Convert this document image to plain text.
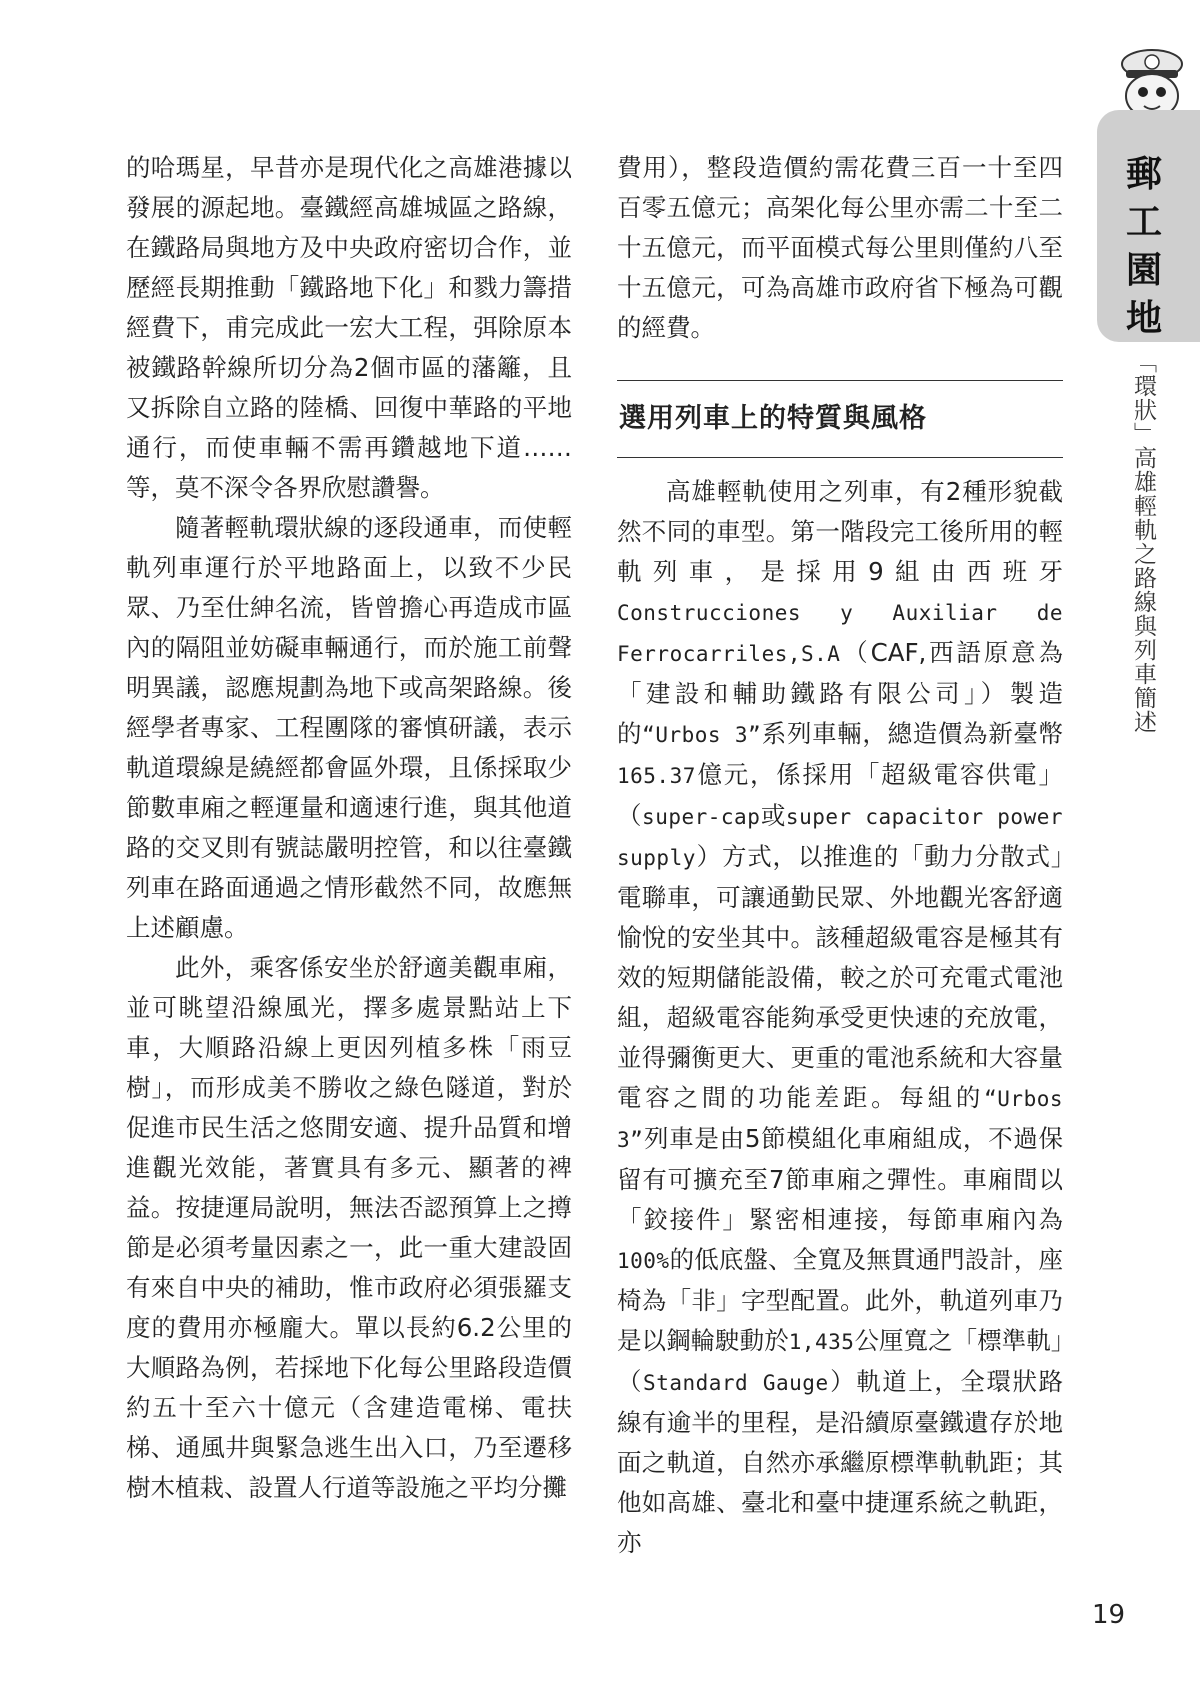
郵工園地
「環狀」高雄輕軌之路線與列車簡述

的哈瑪星，早昔亦是現代化之高雄港據以發展的源起地。臺鐵經高雄城區之路線，在鐵路局與地方及中央政府密切合作，並歷經長期推動「鐵路地下化」和戮力籌措經費下，甫完成此一宏大工程，弭除原本被鐵路幹線所切分為2個市區的藩籬，且又拆除自立路的陸橋、回復中華路的平地通行，而使車輛不需再鑽越地下道……等，莫不深令各界欣慰讚譽。

隨著輕軌環狀線的逐段通車，而使輕軌列車運行於平地路面上，以致不少民眾、乃至仕紳名流，皆曾擔心再造成市區內的隔阻並妨礙車輛通行，而於施工前聲明異議，認應規劃為地下或高架路線。後經學者專家、工程團隊的審慎研議，表示軌道環線是繞經都會區外環，且係採取少節數車廂之輕運量和適速行進，與其他道路的交叉則有號誌嚴明控管，和以往臺鐵列車在路面通過之情形截然不同，故應無上述顧慮。

此外，乘客係安坐於舒適美觀車廂，並可眺望沿線風光，擇多處景點站上下車，大順路沿線上更因列植多株「雨豆樹」，而形成美不勝收之綠色隧道，對於促進市民生活之悠閒安適、提升品質和增進觀光效能，著實具有多元、顯著的裨益。按捷運局說明，無法否認預算上之撙節是必須考量因素之一，此一重大建設固有來自中央的補助，惟市政府必須張羅支度的費用亦極龐大。單以長約6.2公里的大順路為例，若採地下化每公里路段造價約五十至六十億元（含建造電梯、電扶梯、通風井與緊急逃生出入口，乃至遷移樹木植栽、設置人行道等設施之平均分攤

費用），整段造價約需花費三百一十至四百零五億元；高架化每公里亦需二十至二十五億元，而平面模式每公里則僅約八至十五億元，可為高雄市政府省下極為可觀的經費。

選用列車上的特質與風格

高雄輕軌使用之列車，有2種形貌截然不同的車型。第一階段完工後所用的輕軌列車，是採用9組由西班牙Construcciones y Auxiliar de Ferrocarriles,S.A（CAF,西語原意為「建設和輔助鐵路有限公司」）製造的“Urbos 3”系列車輛，總造價為新臺幣165.37億元，係採用「超級電容供電」（super-cap或super capacitor power supply）方式，以推進的「動力分散式」電聯車，可讓通勤民眾、外地觀光客舒適愉悅的安坐其中。該種超級電容是極其有效的短期儲能設備，較之於可充電式電池組，超級電容能夠承受更快速的充放電，並得彌衡更大、更重的電池系統和大容量電容之間的功能差距。每組的“Urbos 3”列車是由5節模組化車廂組成，不過保留有可擴充至7節車廂之彈性。車廂間以「鉸接件」緊密相連接，每節車廂內為100%的低底盤、全寬及無貫通門設計，座椅為「非」字型配置。此外，軌道列車乃是以鋼輪駛動於1,435公厘寬之「標準軌」（Standard Gauge）軌道上，全環狀路線有逾半的里程，是沿續原臺鐵遺存於地面之軌道，自然亦承繼原標準軌軌距；其他如高雄、臺北和臺中捷運系統之軌距，亦

19
